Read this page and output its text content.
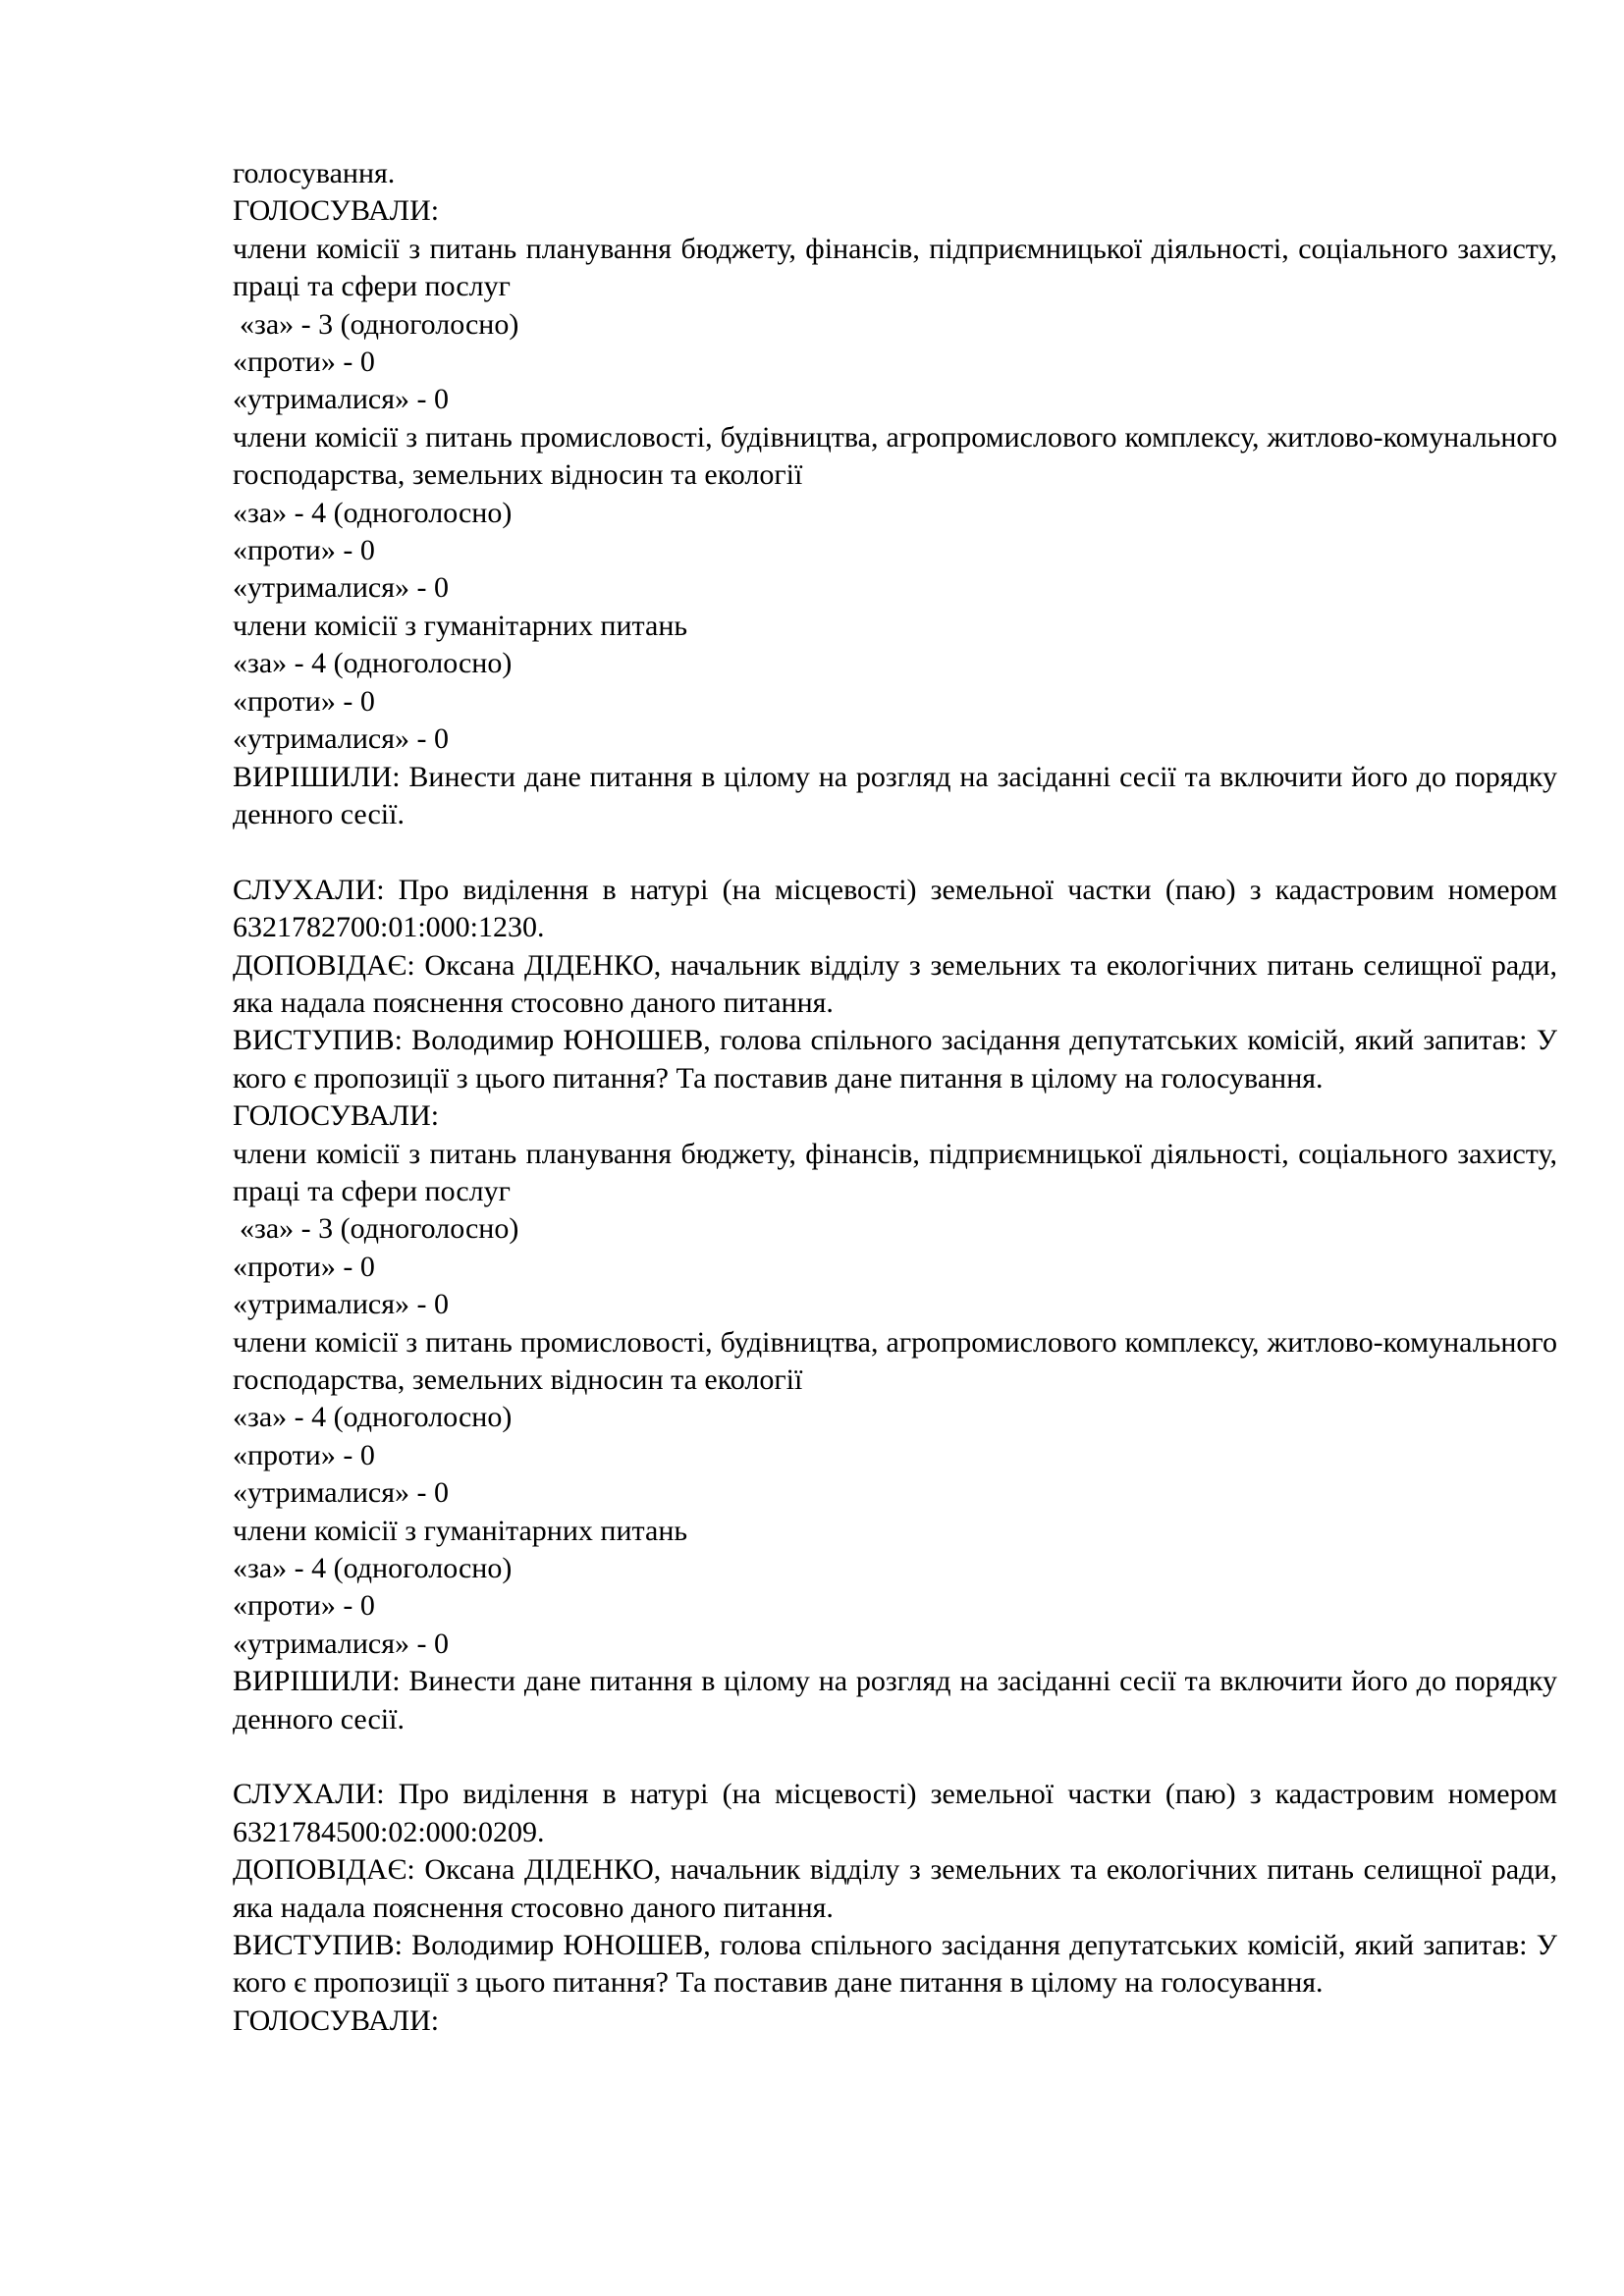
голосування.
ГОЛОСУВАЛИ:
члени комісії з питань планування бюджету, фінансів, підприємницької діяльності, соціального захисту, праці та сфери послуг
«за» - 3 (одноголосно)
«проти» - 0
«утрималися» - 0
члени комісії з питань промисловості, будівництва, агропромислового комплексу, житлово-комунального господарства, земельних відносин та екології
«за» - 4 (одноголосно)
«проти» - 0
«утрималися» - 0
члени комісії з гуманітарних питань
«за» - 4 (одноголосно)
«проти» - 0
«утрималися» - 0
ВИРІШИЛИ: Винести дане питання в цілому на розгляд на засіданні сесії та включити його до порядку денного сесії.
СЛУХАЛИ: Про виділення в натурі (на місцевості) земельної частки (паю) з кадастровим номером 6321782700:01:000:1230.
ДОПОВІДАЄ: Оксана ДІДЕНКО, начальник відділу з земельних та екологічних питань селищної ради, яка надала пояснення стосовно даного питання.
ВИСТУПИВ: Володимир ЮНОШЕВ, голова спільного засідання депутатських комісій, який запитав: У кого є пропозиції з цього питання? Та поставив дане питання в цілому на голосування.
ГОЛОСУВАЛИ:
члени комісії з питань планування бюджету, фінансів, підприємницької діяльності, соціального захисту, праці та сфери послуг
«за» - 3 (одноголосно)
«проти» - 0
«утрималися» - 0
члени комісії з питань промисловості, будівництва, агропромислового комплексу, житлово-комунального господарства, земельних відносин та екології
«за» - 4 (одноголосно)
«проти» - 0
«утрималися» - 0
члени комісії з гуманітарних питань
«за» - 4 (одноголосно)
«проти» - 0
«утрималися» - 0
ВИРІШИЛИ: Винести дане питання в цілому на розгляд на засіданні сесії та включити його до порядку денного сесії.
СЛУХАЛИ: Про виділення в натурі (на місцевості) земельної частки (паю) з кадастровим номером 6321784500:02:000:0209.
ДОПОВІДАЄ: Оксана ДІДЕНКО, начальник відділу з земельних та екологічних питань селищної ради, яка надала пояснення стосовно даного питання.
ВИСТУПИВ: Володимир ЮНОШЕВ, голова спільного засідання депутатських комісій, який запитав: У кого є пропозиції з цього питання? Та поставив дане питання в цілому на голосування.
ГОЛОСУВАЛИ:
